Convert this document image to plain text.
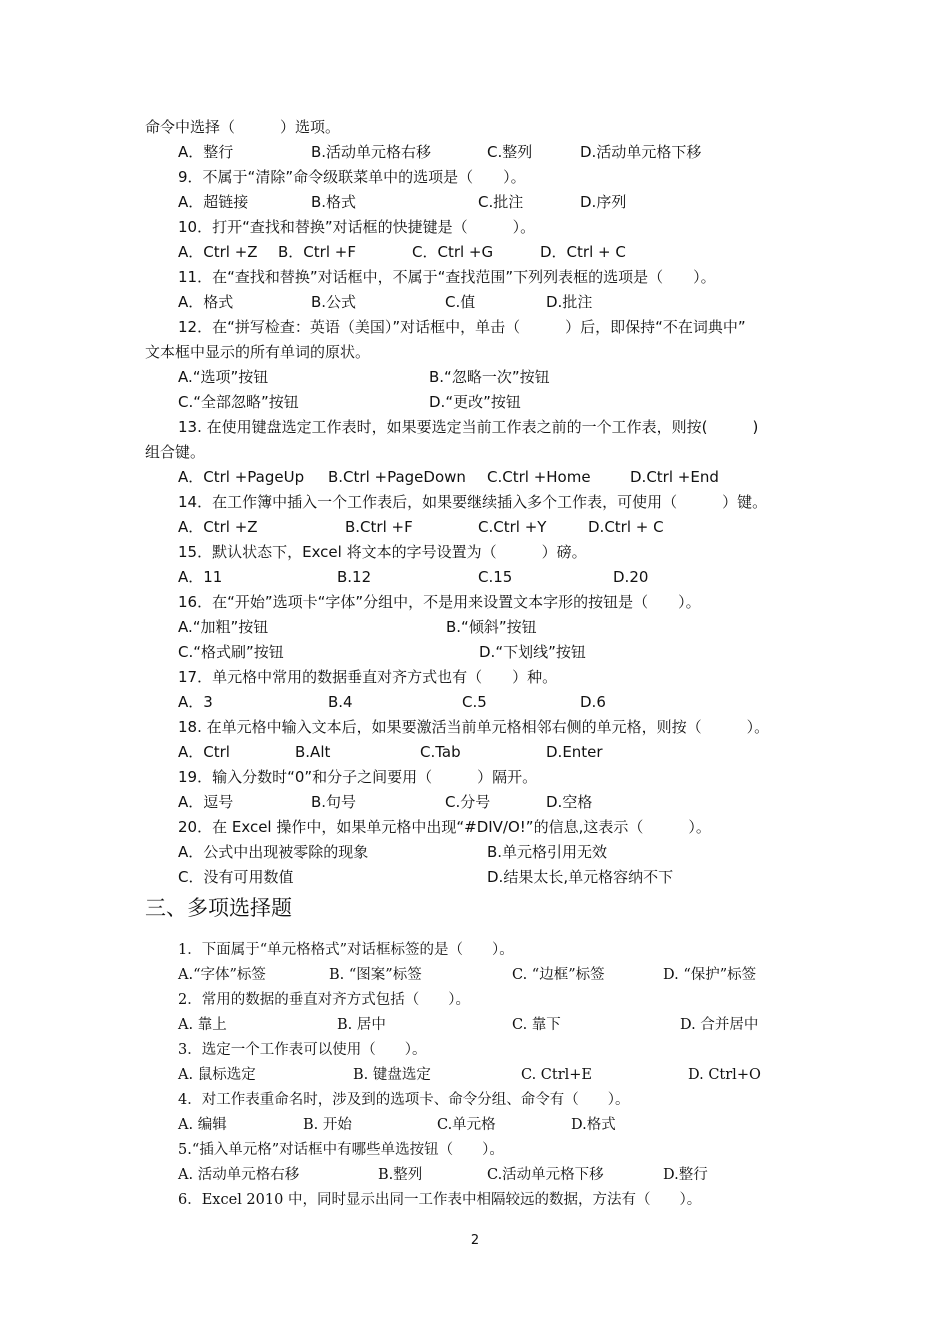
命令中选择（　　　）选项。

A．整行

	B.活动单元格右移

	C.整列

	D.活动单元格下移

9．不属于“清除”命令级联菜单中的选项是（　　）。

A．超链接

	B.格式

	C.批注

	D.序列

10．打开“查找和替换”对话框的快捷键是（　　　）。

A．Ctrl +Z

B．Ctrl +F

	C．Ctrl +G

	D．Ctrl + C

11．在“查找和替换”对话框中，不属于“查找范围”下列列表框的选项是（　　）。

A．格式

	B.公式

	C.值

	D.批注

12．在“拼写检查：英语（美国）”对话框中，单击（　　　）后，即保持“不在词典中”

文本框中显示的所有单词的原状。

A.“选项”按钮

	B.“忽略一次”按钮

C.“全部忽略”按钮

	D.“更改”按钮

13. 在使用键盘选定工作表时，如果要选定当前工作表之前的一个工作表，则按(　　　)

组合键。

A．Ctrl +PageUp

B.Ctrl +PageDown

C.Ctrl +Home

	D.Ctrl +End

14．在工作簿中插入一个工作表后，如果要继续插入多个工作表，可使用（　　　）键。

A．Ctrl +Z

	B.Ctrl +F

	C.Ctrl +Y

	D.Ctrl + C

15．默认状态下，Excel 将文本的字号设置为（　　　）磅。

A．11

	B.12

	C.15

	D.20

16．在“开始”选项卡“字体”分组中，不是用来设置文本字形的按钮是（　　）。

A.“加粗”按钮

	B.“倾斜”按钮

C.“格式刷”按钮

	D.“下划线”按钮

17．单元格中常用的数据垂直对齐方式也有（　　）种。

A．3

	B.4

	C.5

	D.6

18. 在单元格中输入文本后，如果要激活当前单元格相邻右侧的单元格，则按（　　　）。

A．Ctrl

	B.Alt

	C.Tab

	D.Enter

19．输入分数时“0”和分子之间要用（　　　）隔开。

A．逗号

	B.句号

	C.分号

	D.空格

20．在 Excel 操作中，如果单元格中出现“#DIV/O!”的信息,这表示（　　　）。

A．公式中出现被零除的现象

	B.单元格引用无效

C．没有可用数值

	D.结果太长,单元格容纳不下

三、多项选择题

1．下面属于“单元格格式”对话框标签的是（　　）。

A.“字体”标签

	B. “图案”标签

	C. “边框”标签

	D. “保护”标签

2．常用的数据的垂直对齐方式包括（　　）。

A. 靠上

	B. 居中

	C. 靠下

	D. 合并居中

3．选定一个工作表可以使用（　　）。

A. 鼠标选定

	B. 键盘选定

	C. Ctrl+E

	D. Ctrl+O

4．对工作表重命名时，涉及到的选项卡、命令分组、命令有（　　）。

A. 编辑

	B. 开始

	C.单元格

	D.格式

5.“插入单元格”对话框中有哪些单选按钮（　　）。

A. 活动单元格右移

	B.整列

	C.活动单元格下移

	D.整行

6．Excel 2010 中，同时显示出同一工作表中相隔较远的数据，方法有（　　）。

2
